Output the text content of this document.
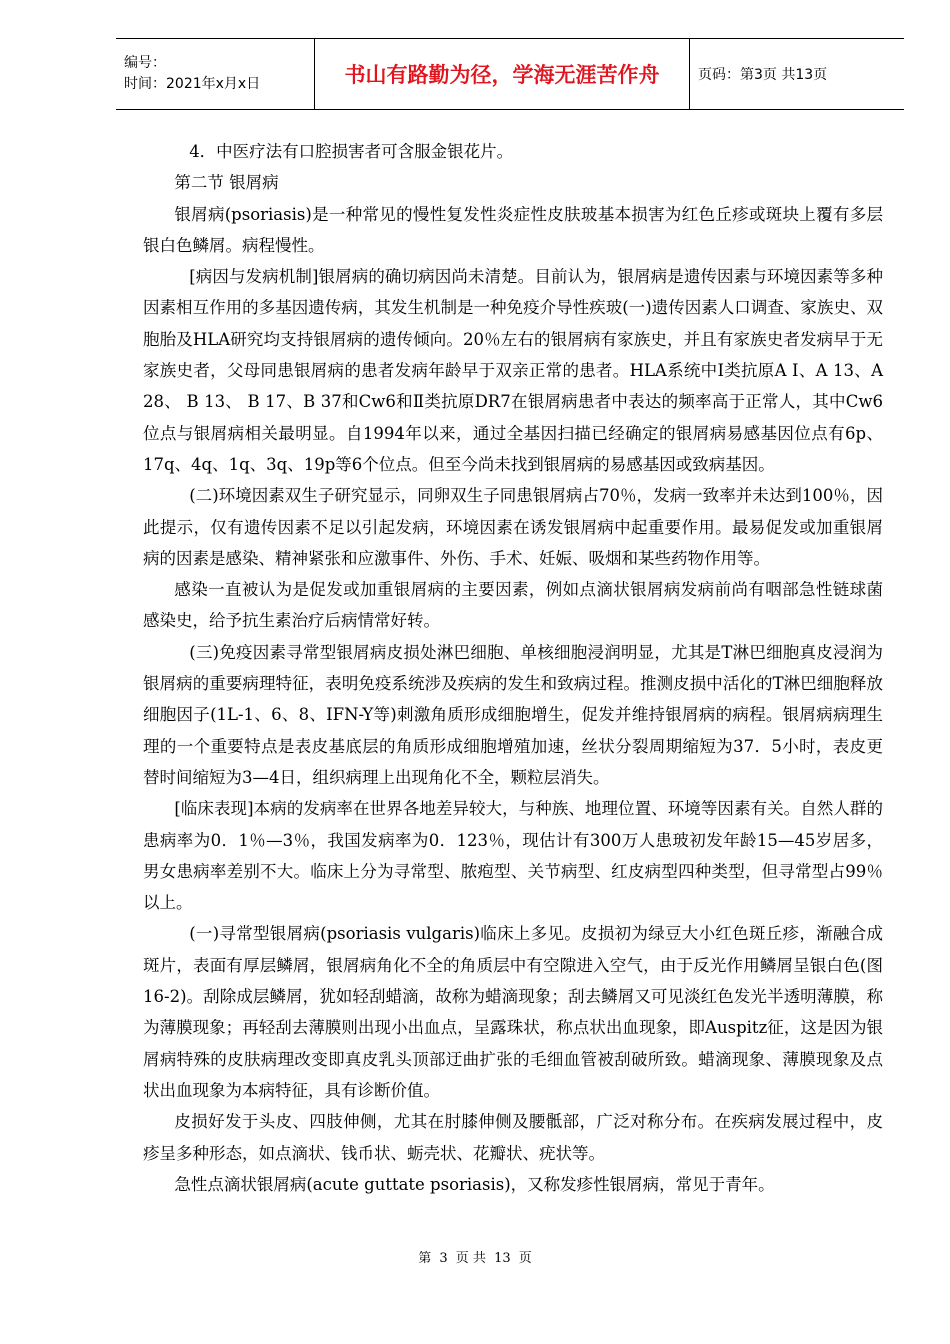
编号：
时间：2021年x月x日	书山有路勤为径，学海无涯苦作舟	页码：第3页 共13页

4．中医疗法有口腔损害者可含服金银花片。

第二节 银屑病

银屑病(psoriasis)是一种常见的慢性复发性炎症性皮肤玻基本损害为红色丘疹或斑块上覆有多层银白色鳞屑。病程慢性。

[病因与发病机制]银屑病的确切病因尚未清楚。目前认为，银屑病是遗传因素与环境因素等多种因素相互作用的多基因遗传病，其发生机制是一种免疫介导性疾玻(一)遗传因素人口调查、家族史、双胞胎及HLA研究均支持银屑病的遗传倾向。20％左右的银屑病有家族史，并且有家族史者发病早于无家族史者，父母同患银屑病的患者发病年龄早于双亲正常的患者。HLA系统中Ⅰ类抗原A Ⅰ、A 13、A 28、 B 13、 B 17、B 37和Cw6和Ⅱ类抗原DR7在银屑病患者中表达的频率高于正常人，其中Cw6位点与银屑病相关最明显。自1994年以来，通过全基因扫描已经确定的银屑病易感基因位点有6p、17q、4q、1q、3q、19p等6个位点。但至今尚未找到银屑病的易感基因或致病基因。

(二)环境因素双生子研究显示，同卵双生子同患银屑病占70％，发病一致率并未达到100％，因此提示，仅有遗传因素不足以引起发病，环境因素在诱发银屑病中起重要作用。最易促发或加重银屑病的因素是感染、精神紧张和应激事件、外伤、手术、妊娠、吸烟和某些药物作用等。

感染一直被认为是促发或加重银屑病的主要因素，例如点滴状银屑病发病前尚有咽部急性链球菌感染史，给予抗生素治疗后病情常好转。

(三)免疫因素寻常型银屑病皮损处淋巴细胞、单核细胞浸润明显，尤其是T淋巴细胞真皮浸润为银屑病的重要病理特征，表明免疫系统涉及疾病的发生和致病过程。推测皮损中活化的T淋巴细胞释放细胞因子(1L-1、6、8、IFN-Y等)刺激角质形成细胞增生，促发并维持银屑病的病程。银屑病病理生理的一个重要特点是表皮基底层的角质形成细胞增殖加速，丝状分裂周期缩短为37．5小时，表皮更替时间缩短为3—4日，组织病理上出现角化不全，颗粒层消失。

[临床表现]本病的发病率在世界各地差异较大，与种族、地理位置、环境等因素有关。自然人群的患病率为0．1％—3％，我国发病率为0．123％，现估计有300万人患玻初发年龄15—45岁居多，男女患病率差别不大。临床上分为寻常型、脓疱型、关节病型、红皮病型四种类型，但寻常型占99％以上。

(一)寻常型银屑病(psoriasis vulgaris)临床上多见。皮损初为绿豆大小红色斑丘疹，渐融合成斑片，表面有厚层鳞屑，银屑病角化不全的角质层中有空隙进入空气，由于反光作用鳞屑呈银白色(图16-2)。刮除成层鳞屑，犹如轻刮蜡滴，故称为蜡滴现象；刮去鳞屑又可见淡红色发光半透明薄膜，称为薄膜现象；再轻刮去薄膜则出现小出血点，呈露珠状，称点状出血现象，即Auspitz征，这是因为银屑病特殊的皮肤病理改变即真皮乳头顶部迂曲扩张的毛细血管被刮破所致。蜡滴现象、薄膜现象及点状出血现象为本病特征，具有诊断价值。

皮损好发于头皮、四肢伸侧，尤其在肘膝伸侧及腰骶部，广泛对称分布。在疾病发展过程中，皮疹呈多种形态，如点滴状、钱币状、蛎壳状、花瓣状、疣状等。

急性点滴状银屑病(acute guttate psoriasis)，又称发疹性银屑病，常见于青年。

第 3 页 共 13 页
